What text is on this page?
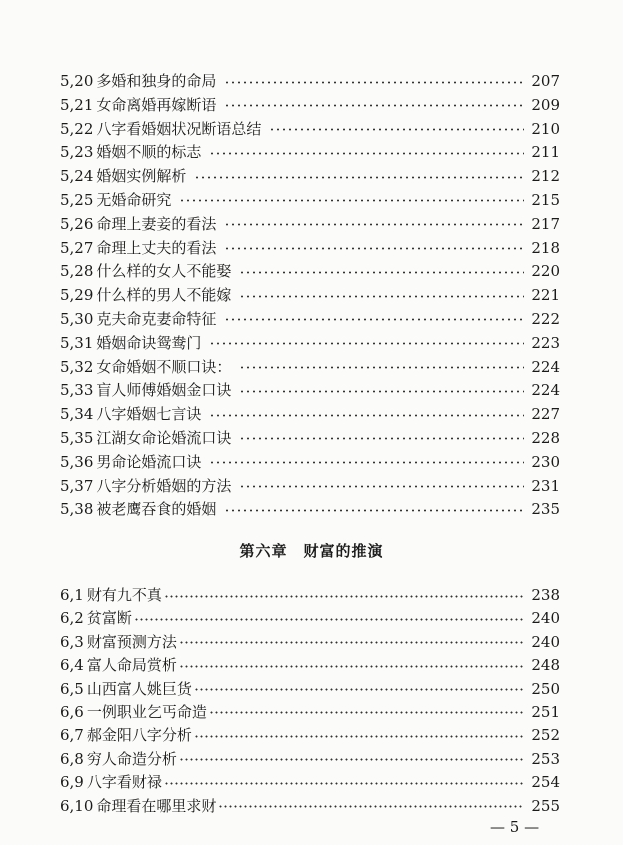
5,20 多婚和独身的命局	207
5,21 女命离婚再嫁断语	209
5,22 八字看婚姻状况断语总结	210
5,23 婚姻不顺的标志	211
5,24 婚姻实例解析	212
5,25 无婚命研究	215
5,26 命理上妻妾的看法	217
5,27 命理上丈夫的看法	218
5,28 什么样的女人不能娶	220
5,29 什么样的男人不能嫁	221
5,30 克夫命克妻命特征	222
5,31 婚姻命诀鸳鸯门	223
5,32 女命婚姻不顺口诀：	224
5,33 盲人师傅婚姻金口诀	224
5,34 八字婚姻七言诀	227
5,35 江湖女命论婚流口诀	228
5,36 男命论婚流口诀	230
5,37 八字分析婚姻的方法	231
5,38 被老鹰吞食的婚姻	235
第六章 财富的推演
6,1 财有九不真	238
6,2 贫富断	240
6,3 财富预测方法	240
6,4 富人命局赏析	248
6,5 山西富人姚巨货	250
6,6 一例职业乞丐命造	251
6,7 郝金阳八字分析	252
6,8 穷人命造分析	253
6,9 八字看财禄	254
6,10 命理看在哪里求财	255
— 5 —
